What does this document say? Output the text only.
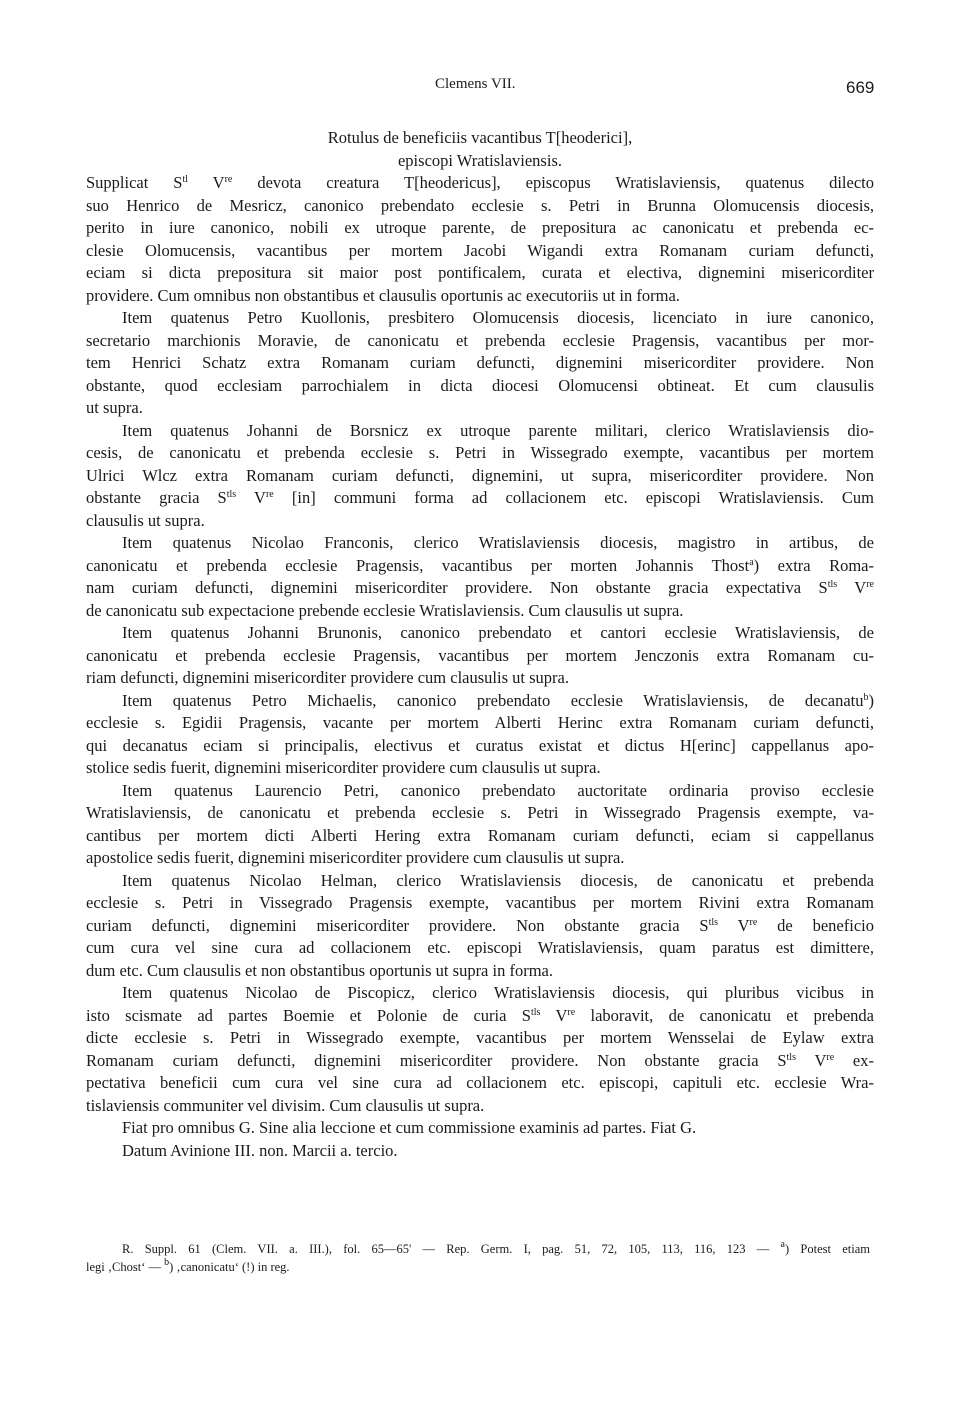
Clemens VII.	669
Rotulus de beneficiis vacantibus T[heoderici],
episcopi Wratislaviensis.
Supplicat $S^{tl}$ Vre devota creatura T[heodericus], episcopus Wratislaviensis, quatenus dilecto
suo Henrico de Mesricz, canonico prebendato ecclesie s. Petri in Brunna Olomucensis diocesis,
perito in iure canonico, nobili ex utroque parente, de prepositura ac canonicatu et prebenda ec-
clesie Olomucensis, vacantibus per mortem Jacobi Wigandi extra Romanam curiam defuncti,
eciam si dicta prepositura sit maior post pontificalem, curata et electiva, dignemini misericorditer
providere. Cum omnibus non obstantibus et clausulis oportunis ac executoriis ut in forma.
Item quatenus Petro Kuollonis, presbitero Olomucensis diocesis, licenciato in iure canonico,
secretario marchionis Moravie, de canonicatu et prebenda ecclesie Pragensis, vacantibus per mor-
tem Henrici Schatz extra Romanam curiam defuncti, dignemini misericorditer providere. Non
obstante, quod ecclesiam parrochialem in dicta diocesi Olomucensi obtineat. Et cum clausulis
ut supra.
Item quatenus Johanni de Borsnicz ex utroque parente militari, clerico Wratislaviensis dio-
cesis, de canonicatu et prebenda ecclesie s. Petri in Wissegrado exempte, vacantibus per mortem
Ulrici Wlcz extra Romanam curiam defuncti, dignemini, ut supra, misericorditer providere. Non
obstante gracia $S^{tls}$ Vre [in] communi forma ad collacionem etc. episcopi Wratislaviensis. Cum
clausulis ut supra.
Item quatenus Nicolao Franconis, clerico Wratislaviensis diocesis, magistro in artibus, de
canonicatu et prebenda ecclesie Pragensis, vacantibus per morten Johannis Thost$^a$) extra Roma-
nam curiam defuncti, dignemini misericorditer providere. Non obstante gracia expectativa $S^{tls}$ Vre
de canonicatu sub expectacione prebende ecclesie Wratislaviensis. Cum clausulis ut supra.
Item quatenus Johanni Brunonis, canonico prebendato et cantori ecclesie Wratislaviensis, de
canonicatu et prebenda ecclesie Pragensis, vacantibus per mortem Jenczonis extra Romanam cu-
riam defuncti, dignemini misericorditer providere cum clausulis ut supra.
Item quatenus Petro Michaelis, canonico prebendato ecclesie Wratislaviensis, de decanatu$^b$)
ecclesie s. Egidii Pragensis, vacante per mortem Alberti Herinc extra Romanam curiam defuncti,
qui decanatus eciam si principalis, electivus et curatus existat et dictus H[erinc] cappellanus apo-
stolice sedis fuerit, dignemini misericorditer providere cum clausulis ut supra.
Item quatenus Laurencio Petri, canonico prebendato auctoritate ordinaria proviso ecclesie
Wratislaviensis, de canonicatu et prebenda ecclesie s. Petri in Wissegrado Pragensis exempte, va-
cantibus per mortem dicti Alberti Hering extra Romanam curiam defuncti, eciam si cappellanus
apostolice sedis fuerit, dignemini misericorditer providere cum clausulis ut supra.
Item quatenus Nicolao Helman, clerico Wratislaviensis diocesis, de canonicatu et prebenda
ecclesie s. Petri in Vissegrado Pragensis exempte, vacantibus per mortem Rivini extra Romanam
curiam defuncti, dignemini misericorditer providere. Non obstante gracia $S^{tls}$ Vre de beneficio
cum cura vel sine cura ad collacionem etc. episcopi Wratislaviensis, quam paratus est dimittere,
dum etc. Cum clausulis et non obstantibus oportunis ut supra in forma.
Item quatenus Nicolao de Piscopicz, clerico Wratislaviensis diocesis, qui pluribus vicibus in
isto scismate ad partes Boemie et Polonie de curia $S^{tls}$ Vre laboravit, de canonicatu et prebenda
dicte ecclesie s. Petri in Wissegrado exempte, vacantibus per mortem Wensselai de Eylaw extra
Romanam curiam defuncti, dignemini misericorditer providere. Non obstante gracia $S^{tls}$ Vre ex-
pectativa beneficii cum cura vel sine cura ad collacionem etc. episcopi, capituli etc. ecclesie Wra-
tislaviensis communiter vel divisim. Cum clausulis ut supra.
Fiat pro omnibus G. Sine alia leccione et cum commissione examinis ad partes. Fiat G.
Datum Avinione III. non. Marcii a. tercio.
R. Suppl. 61 (Clem. VII. a. III.), fol. 65—65' — Rep. Germ. I, pag. 51, 72, 105, 113, 116, 123 — $^a$) Potest etiam
legi ‚Chost‘ — $^b$) ‚canonicatu‘ (!) in reg.
